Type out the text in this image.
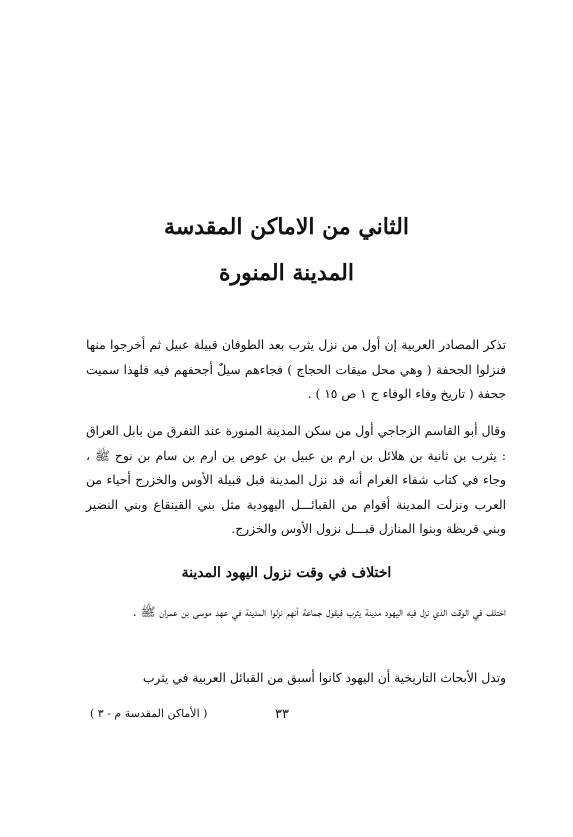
الثاني من الاماكن المقدسة
المدينة المنورة
تذكر المصادر العربية إن أول من نزل يثرب بعد الطوفان قبيلة عبيل ثم أخرجوا منها فنزلوا الجحفة ( وهي محل ميقات الحجاج ) فجاءهم سيلٌ أجحفهم فيه فلهذا سميت جحفة ( تاريخ وفاء الوفاء ج ١ ص ١٥ ) .
وقال أبو القاسم الزجاجي أول من سكن المدينة المنورة عند التفرق من بابل العراق : يثرب بن ثانية بن هلائل بن ارم بن عبيل بن عوص بن ارم بن سام بن نوح ﷺ ، وجاء في كتاب شفاء الغرام أنه قد نزل المدينة قبل قبيلة الأوس والخزرج أحياء من العرب ونزلت المدينة أقوام من القبائـــل اليهودية مثل بني القينقاع وبني النضير وبني قريظة وبنوا المنازل قبـــل نزول الأوس والخزرج.
اختلاف في وقت نزول اليهود المدينة
اختلف في الوقت الذي نزل فيه اليهود مدينة يثرب فيقول جماعة أنهم نزلوا المدينة في عهد موسى بن عمران ﷺ .
وتدل الأبحاث التاريخية أن اليهود كانوا أسبق من القبائل العربية في يثرب
٣٣
( الأماكن المقدسة م - ٣ )
